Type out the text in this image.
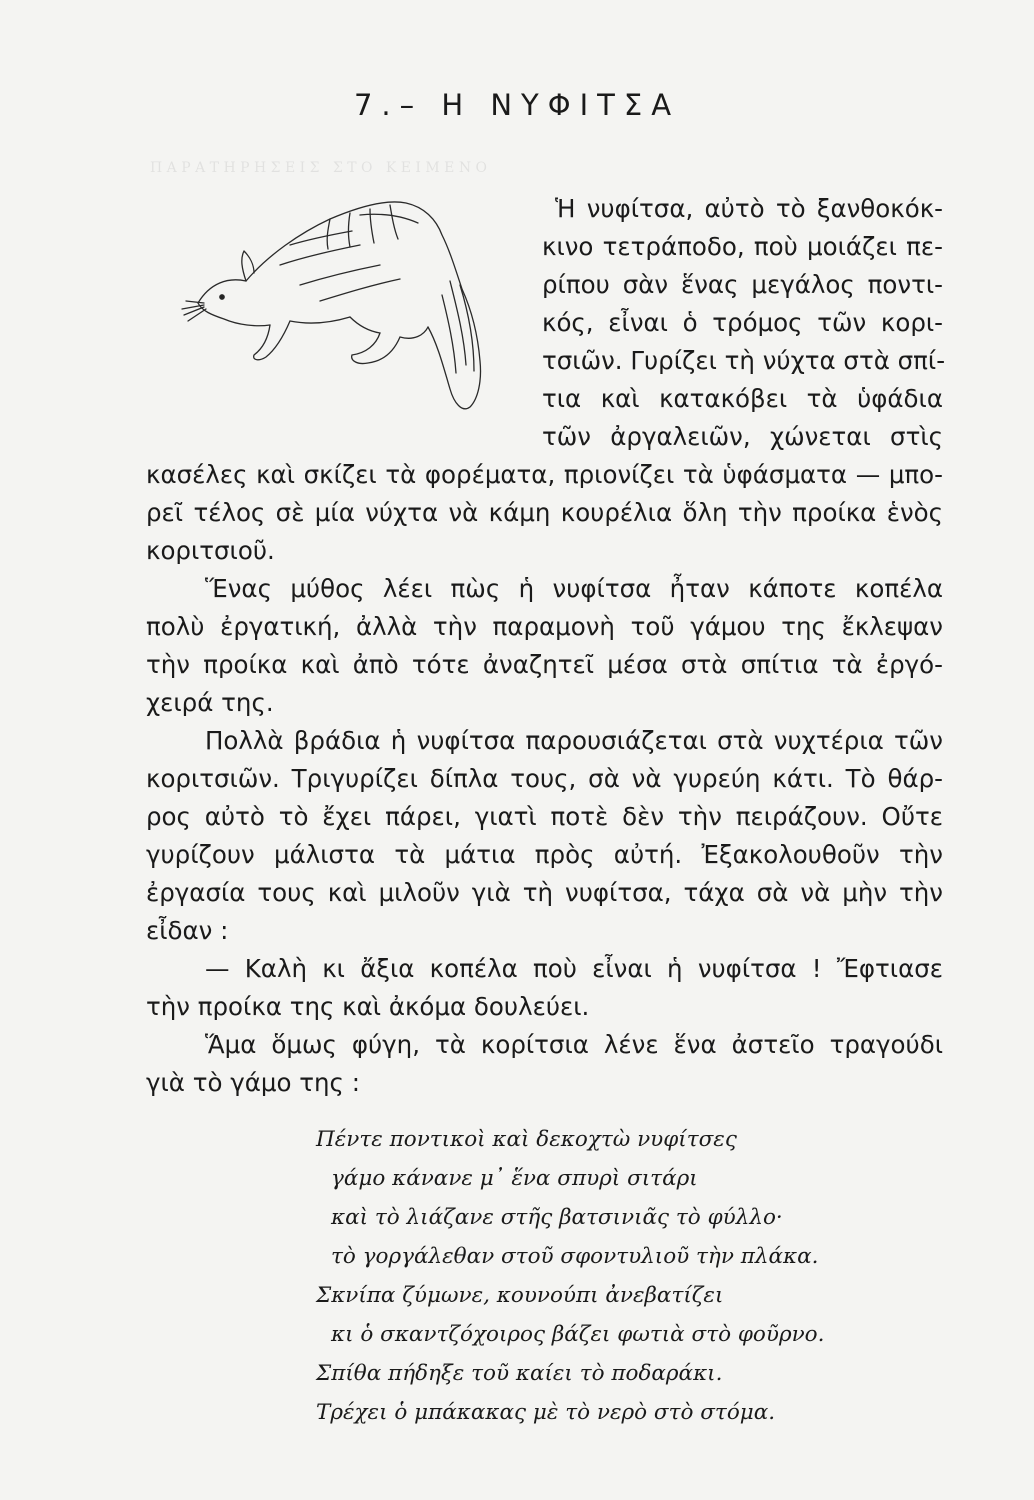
Π Α Ρ Α Τ Η Ρ Η Σ Ε Ι Σ   Σ Τ Ο   Κ Ε Ι Μ Ε Ν Ο
7.– Η ΝΥΦΙΤΣΑ
Ἡ νυφίτσα, αὐτὸ τὸ ξανθοκόκ-
κινο τετράποδο, ποὺ μοιάζει πε-
ρίπου σὰν ἕνας μεγάλος ποντι-
κός, εἶναι ὁ τρόμος τῶν κορι-
τσιῶν. Γυρίζει τὴ νύχτα στὰ σπί-
τια καὶ κατακόβει τὰ ὑφάδια
τῶν ἀργαλειῶν, χώνεται στὶς
κασέλες καὶ σκίζει τὰ φορέματα, πριονίζει τὰ ὑφάσματα — μπο-
ρεῖ τέλος σὲ μία νύχτα νὰ κάμη κουρέλια ὅλη τὴν προίκα ἑνὸς
κοριτσιοῦ.
Ἕνας μύθος λέει πὼς ἡ νυφίτσα ἦταν κάποτε κοπέλα
πολὺ ἐργατική, ἀλλὰ τὴν παραμονὴ τοῦ γάμου της ἔκλεψαν
τὴν προίκα καὶ ἀπὸ τότε ἀναζητεῖ μέσα στὰ σπίτια τὰ ἐργό-
χειρά της.
Πολλὰ βράδια ἡ νυφίτσα παρουσιάζεται στὰ νυχτέρια τῶν
κοριτσιῶν. Τριγυρίζει δίπλα τους, σὰ νὰ γυρεύη κάτι. Τὸ θάρ-
ρος αὐτὸ τὸ ἔχει πάρει, γιατὶ ποτὲ δὲν τὴν πειράζουν. Οὔτε
γυρίζουν μάλιστα τὰ μάτια πρὸς αὐτή. Ἐξακολουθοῦν τὴν
ἐργασία τους καὶ μιλοῦν γιὰ τὴ νυφίτσα, τάχα σὰ νὰ μὴν τὴν
εἶδαν :
— Καλὴ κι ἄξια κοπέλα ποὺ εἶναι ἡ νυφίτσα ! Ἔφτιασε
τὴν προίκα της καὶ ἀκόμα δουλεύει.
Ἅμα ὅμως φύγη, τὰ κορίτσια λένε ἕνα ἀστεῖο τραγούδι
γιὰ τὸ γάμο της :
Πέντε ποντικοὶ καὶ δεκοχτὼ νυφίτσες
γάμο κάνανε μ᾽ ἕνα σπυρὶ σιτάρι
καὶ τὸ λιάζανε στῆς βατσινιᾶς τὸ φύλλο·
τὸ γοργάλεθαν στοῦ σφοντυλιοῦ τὴν πλάκα.
Σκνίπα ζύμωνε, κουνούπι ἀνεβατίζει
κι ὁ σκαντζόχοιρος βάζει φωτιὰ στὸ φοῦρνο.
Σπίθα πήδηξε τοῦ καίει τὸ ποδαράκι.
Τρέχει ὁ μπάκακας μὲ τὸ νερὸ στὸ στόμα.
